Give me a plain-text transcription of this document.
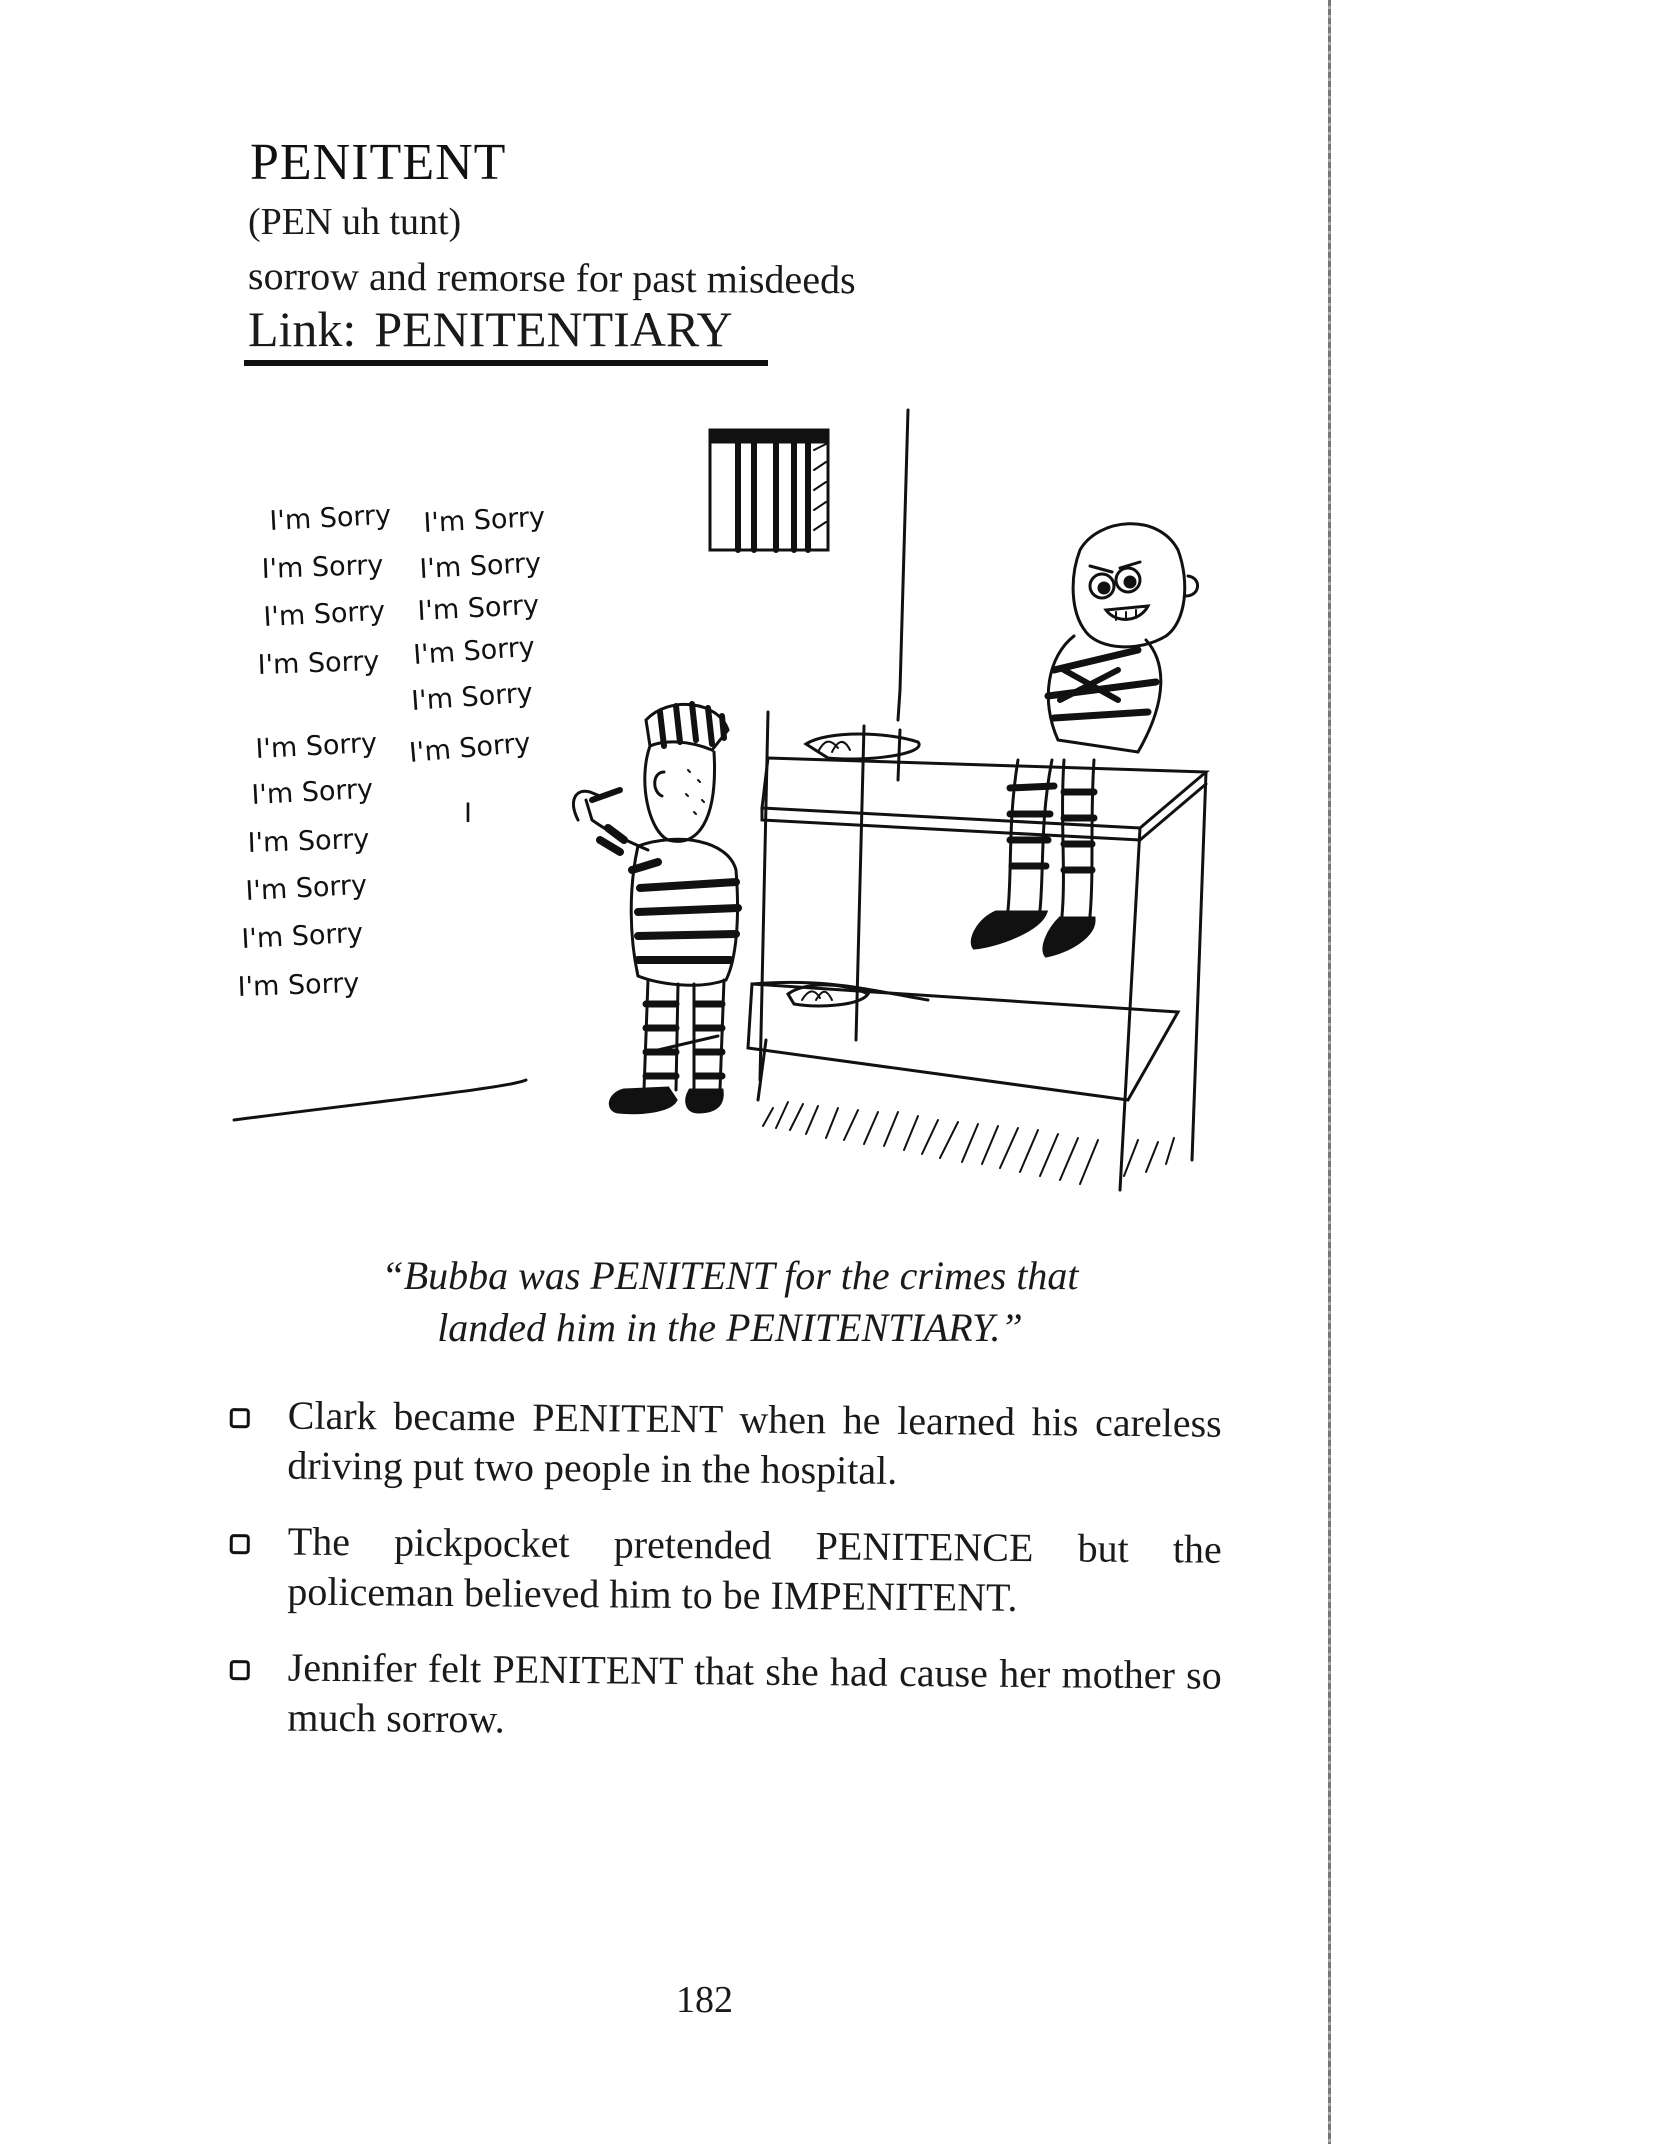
PENITENT
(PEN uh tunt)
sorrow and remorse for past misdeeds
Link: PENITENTIARY
I'm Sorry
I'm Sorry
I'm Sorry
I'm Sorry
I'm Sorry
I'm Sorry
I'm Sorry
I'm Sorry
I'm Sorry
I'm Sorry
I'm Sorry
I'm Sorry
I'm Sorry
I'm Sorry
I'm Sorry
I'm Sorry
I
“Bubba was PENITENT for the crimes that
landed him in the PENITENTIARY.”
Clark became PENITENT when he learned his careless driving put two people in the hospital.
The pickpocket pretended PENITENCE but the policeman believed him to be IMPENITENT.
Jennifer felt PENITENT that she had cause her mother so much sorrow.
182
